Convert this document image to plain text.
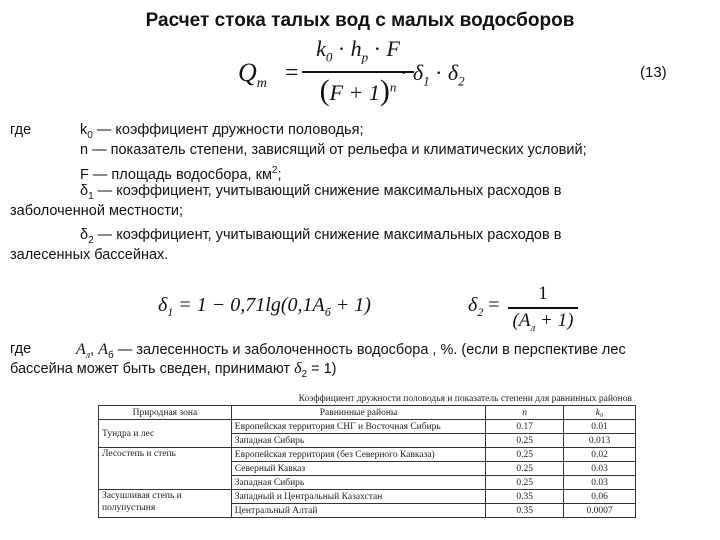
Расчет стока талых вод с малых водосборов
$Q_m$ =
$k_0 \cdot h_p \cdot F$
$(F + 1)^n$
· $\delta_1 \cdot \delta_2$	(13)
где	$k_0$ — коэффициент дружности половодья;
n — показатель степени, зависящий от рельефа и климатических условий;
F — площадь водосбора, $км^2$;
$\delta_1$ — коэффициент, учитывающий снижение максимальных расходов в
заболоченной местности;
$\delta_2$ — коэффициент, учитывающий снижение максимальных расходов в
залесенных бассейнах.
$\delta_1 = 1 - 0,71\lg(0,1A_б + 1)$	$\delta_2$ =
1
$(A_л + 1)$
где	$A_л$, $A_б$ — залесенность и заболоченность водосбора , %. (если в перспективе лес
бассейна может быть сведен, принимают $\delta_2 = 1$)
Коэффициент дружности половодья и показатель степени для равнинных районов
Природная зона	Равнинные районы	n	k₀
Тундра и лес	Европейская территория СНГ и Восточная Сибирь	0.17	0.01
	Западная Сибирь	0.25	0.013
Лесостепь и степь	Европейская территория (без Северного Кавказа)	0.25	0.02
	Северный Кавказ	0.25	0.03
	Западная Сибирь	0.25	0.03
Засушливая степь и полупустыня	Западный и Центральный Казахстан	0.35	0.06
	Центральный Алтай	0.35	0.0007
